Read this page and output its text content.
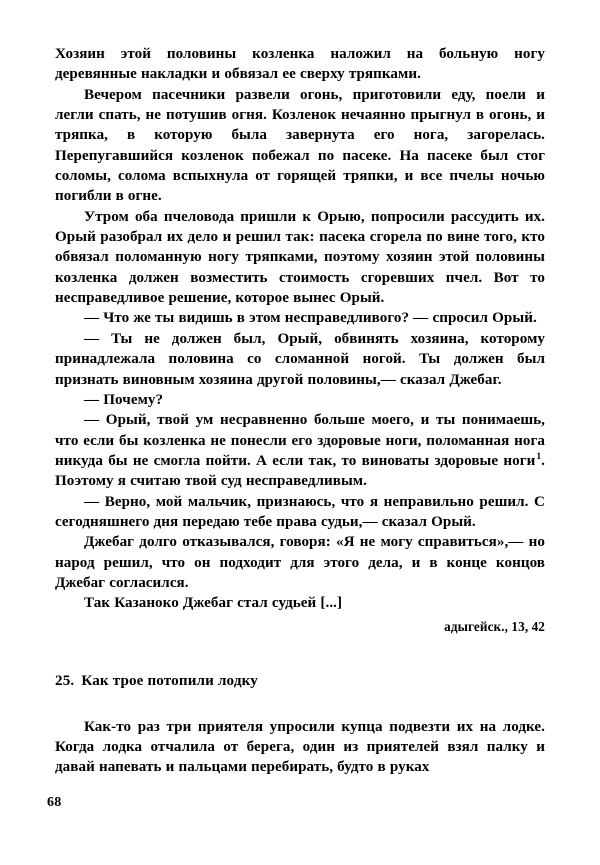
Хозяин этой половины козленка наложил на больную ногу деревянные накладки и обвязал ее сверху тряпками.

Вечером пасечники развели огонь, приготовили еду, поели и легли спать, не потушив огня. Козленок нечаянно прыгнул в огонь, и тряпка, в которую была завернута его нога, загорелась. Перепугавшийся козленок побежал по пасеке. На пасеке был стог соломы, солома вспыхнула от горящей тряпки, и все пчелы ночью погибли в огне.

Утром оба пчеловода пришли к Орыю, попросили рассудить их. Орый разобрал их дело и решил так: пасека сгорела по вине того, кто обвязал поломанную ногу тряпками, поэтому хозяин этой половины козленка должен возместить стоимость сгоревших пчел. Вот то несправедливое решение, которое вынес Орый.

— Что же ты видишь в этом несправедливого? — спросил Орый.

— Ты не должен был, Орый, обвинять хозяина, которому принадлежала половина со сломанной ногой. Ты должен был признать виновным хозяина другой половины,— сказал Джебаг.

— Почему?

— Орый, твой ум несравненно больше моего, и ты понимаешь, что если бы козленка не понесли его здоровые ноги, поломанная нога никуда бы не смогла пойти. А если так, то виноваты здоровые ноги$^1$. Поэтому я считаю твой суд несправедливым.

— Верно, мой мальчик, признаюсь, что я неправильно решил. С сегодняшнего дня передаю тебе права судьи,— сказал Орый.

Джебаг долго отказывался, говоря: «Я не могу справиться»,— но народ решил, что он подходит для этого дела, и в конце концов Джебаг согласился.

Так Казаноко Джебаг стал судьей [...]

адыгейск., 13, 42
25. Как трое потопили лодку

Как-то раз три приятеля упросили купца подвезти их на лодке. Когда лодка отчалила от берега, один из приятелей взял палку и давай напевать и пальцами перебирать, будто в руках

68
